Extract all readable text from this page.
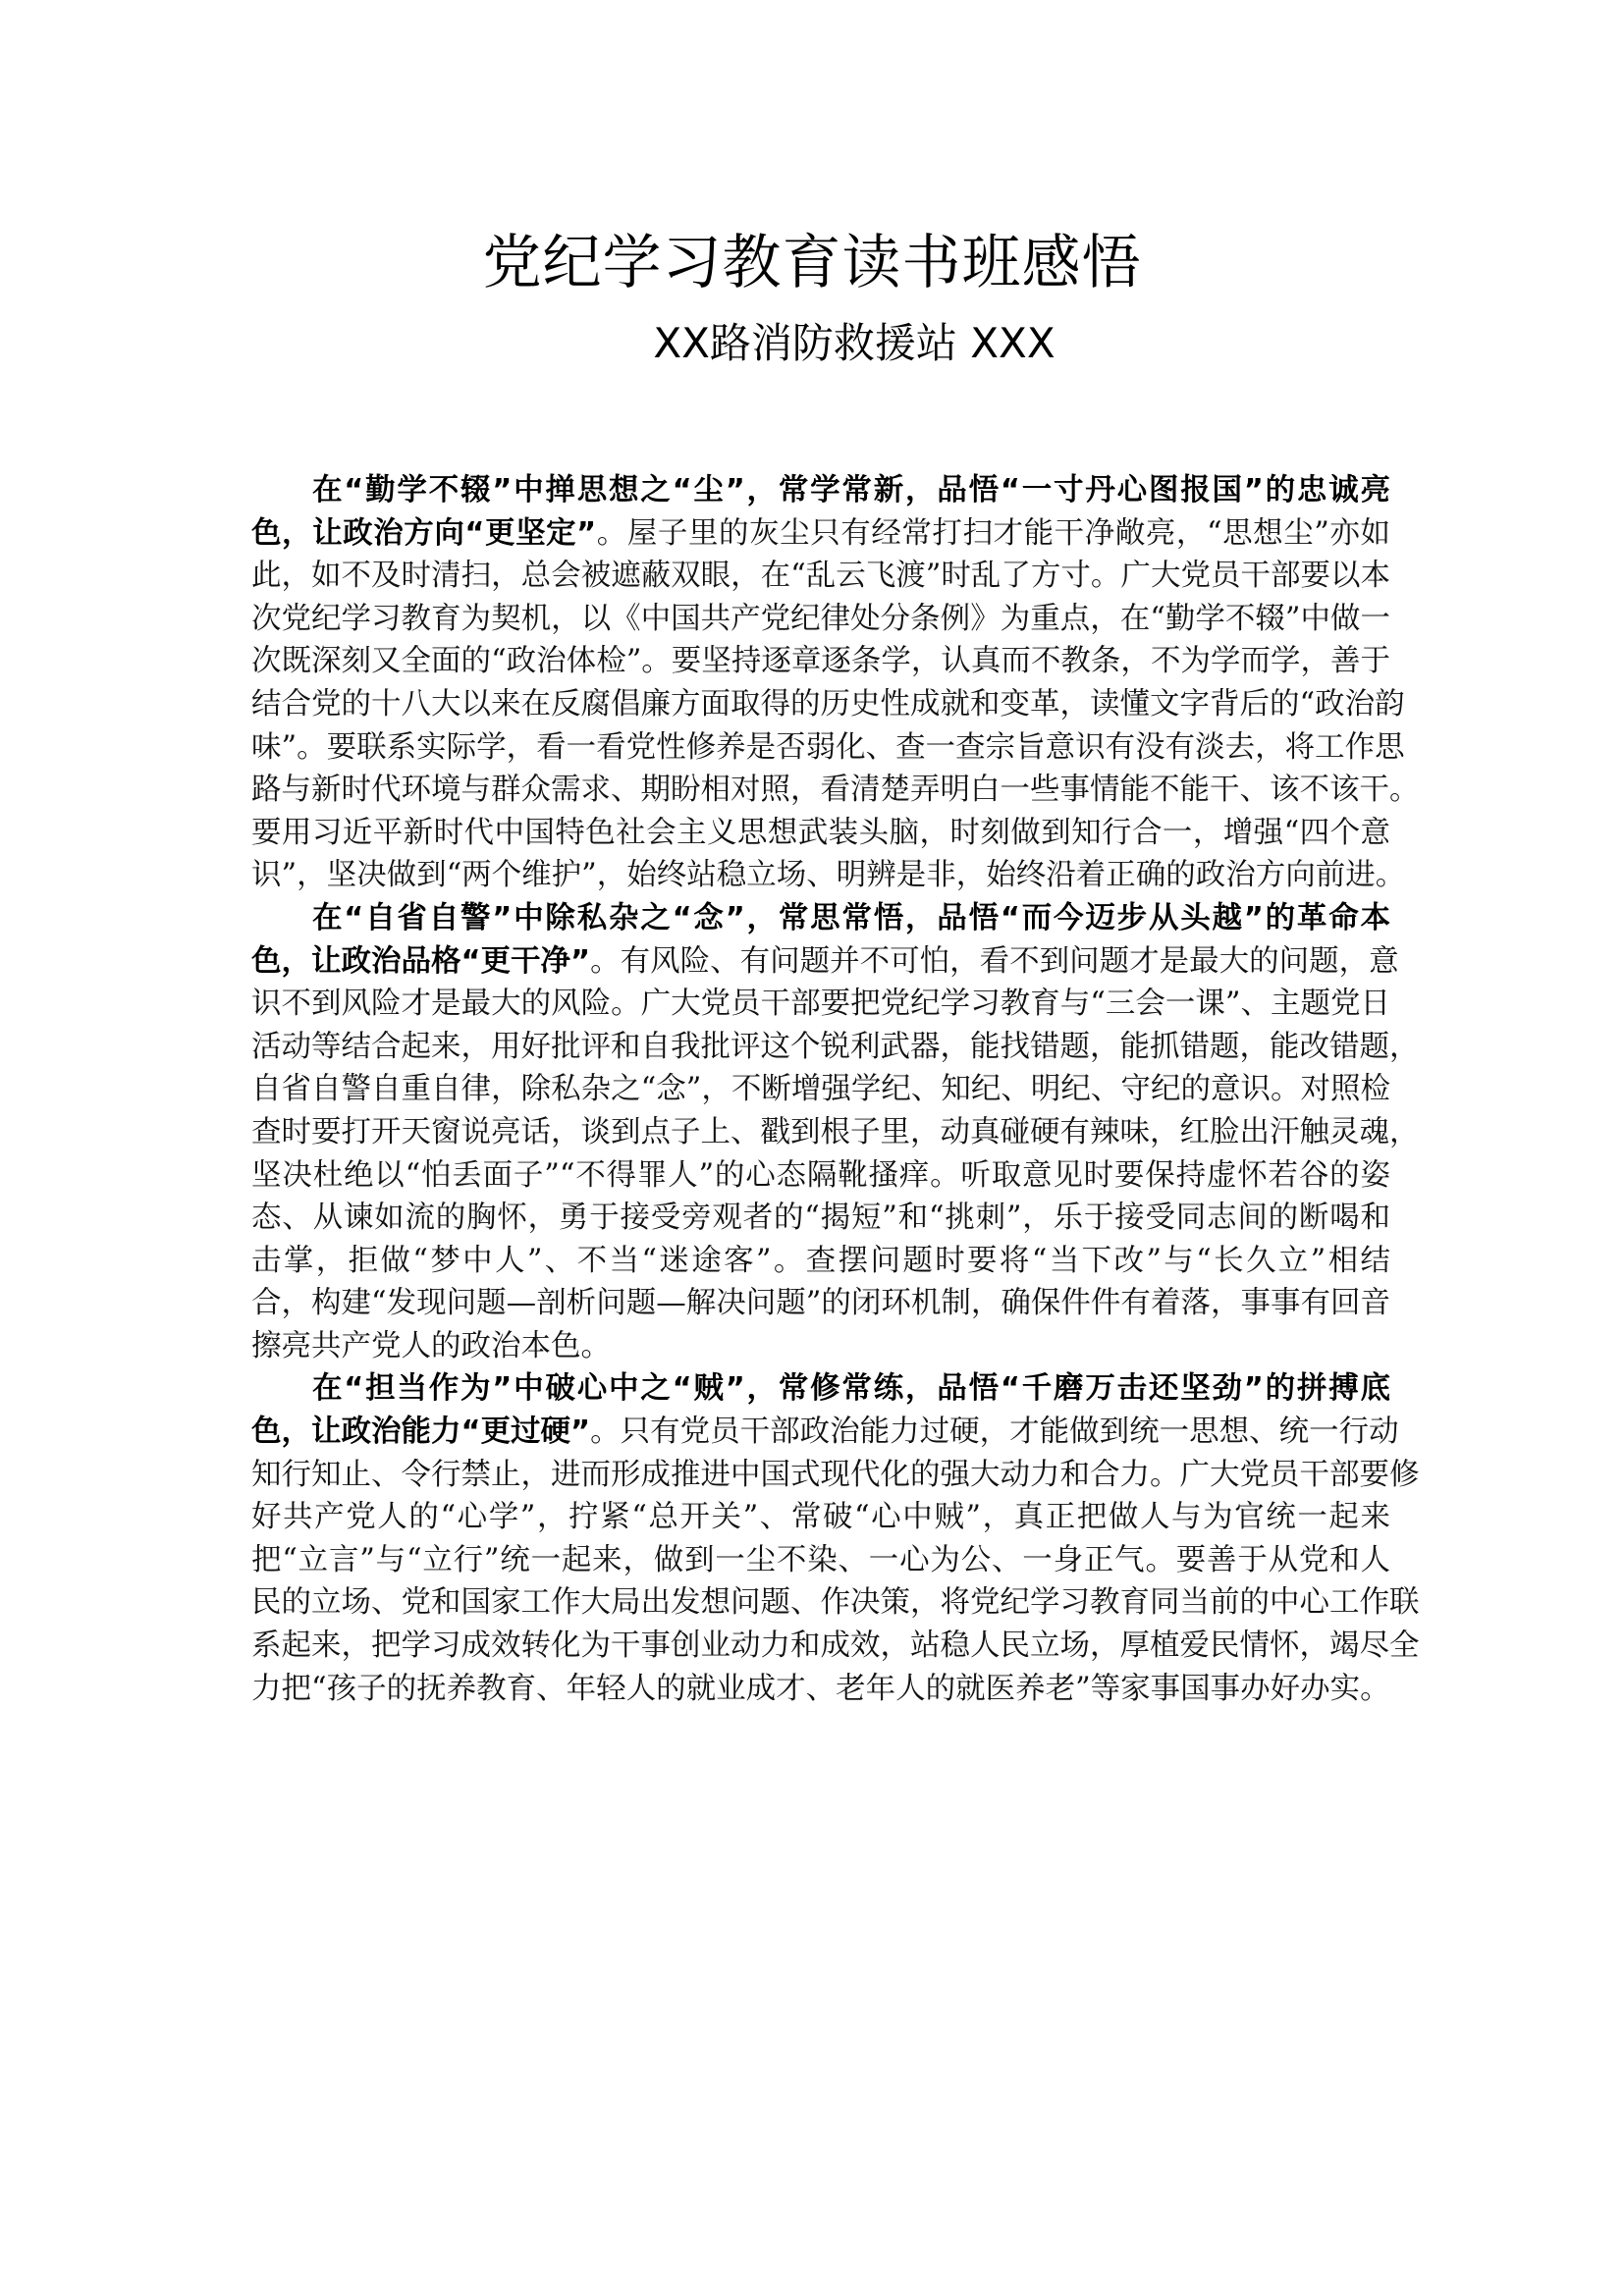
党纪学习教育读书班感悟
XX路消防救援站 XXX
在“勤学不辍”中掸思想之“尘”，常学常新，品悟“一寸丹心图报国”的忠诚亮
色，让政治方向“更坚定”。屋子里的灰尘只有经常打扫才能干净敞亮，“思想尘”亦如
此，如不及时清扫，总会被遮蔽双眼，在“乱云飞渡”时乱了方寸。广大党员干部要以本
次党纪学习教育为契机，以《中国共产党纪律处分条例》为重点，在“勤学不辍”中做一
次既深刻又全面的“政治体检”。要坚持逐章逐条学，认真而不教条，不为学而学，善于
结合党的十八大以来在反腐倡廉方面取得的历史性成就和变革，读懂文字背后的“政治韵
味”。要联系实际学，看一看党性修养是否弱化、查一查宗旨意识有没有淡去，将工作思
路与新时代环境与群众需求、期盼相对照，看清楚弄明白一些事情能不能干、该不该干。
要用习近平新时代中国特色社会主义思想武装头脑，时刻做到知行合一，增强“四个意
识”，坚决做到“两个维护”，始终站稳立场、明辨是非，始终沿着正确的政治方向前进。
在“自省自警”中除私杂之“念”，常思常悟，品悟“而今迈步从头越”的革命本
色，让政治品格“更干净”。有风险、有问题并不可怕，看不到问题才是最大的问题，意
识不到风险才是最大的风险。广大党员干部要把党纪学习教育与“三会一课”、主题党日
活动等结合起来，用好批评和自我批评这个锐利武器，能找错题，能抓错题，能改错题，
自省自警自重自律，除私杂之“念”，不断增强学纪、知纪、明纪、守纪的意识。对照检
查时要打开天窗说亮话，谈到点子上、戳到根子里，动真碰硬有辣味，红脸出汗触灵魂，
坚决杜绝以“怕丢面子”“不得罪人”的心态隔靴搔痒。听取意见时要保持虚怀若谷的姿
态、从谏如流的胸怀，勇于接受旁观者的“揭短”和“挑刺”，乐于接受同志间的断喝和
击掌，拒做“梦中人”、不当“迷途客”。查摆问题时要将“当下改”与“长久立”相结
合，构建“发现问题—剖析问题—解决问题”的闭环机制，确保件件有着落，事事有回音
擦亮共产党人的政治本色。
在“担当作为”中破心中之“贼”，常修常练，品悟“千磨万击还坚劲”的拼搏底
色，让政治能力“更过硬”。只有党员干部政治能力过硬，才能做到统一思想、统一行动
知行知止、令行禁止，进而形成推进中国式现代化的强大动力和合力。广大党员干部要修
好共产党人的“心学”，拧紧“总开关”、常破“心中贼”，真正把做人与为官统一起来
把“立言”与“立行”统一起来，做到一尘不染、一心为公、一身正气。要善于从党和人
民的立场、党和国家工作大局出发想问题、作决策，将党纪学习教育同当前的中心工作联
系起来，把学习成效转化为干事创业动力和成效，站稳人民立场，厚植爱民情怀，竭尽全
力把“孩子的抚养教育、年轻人的就业成才、老年人的就医养老”等家事国事办好办实。
